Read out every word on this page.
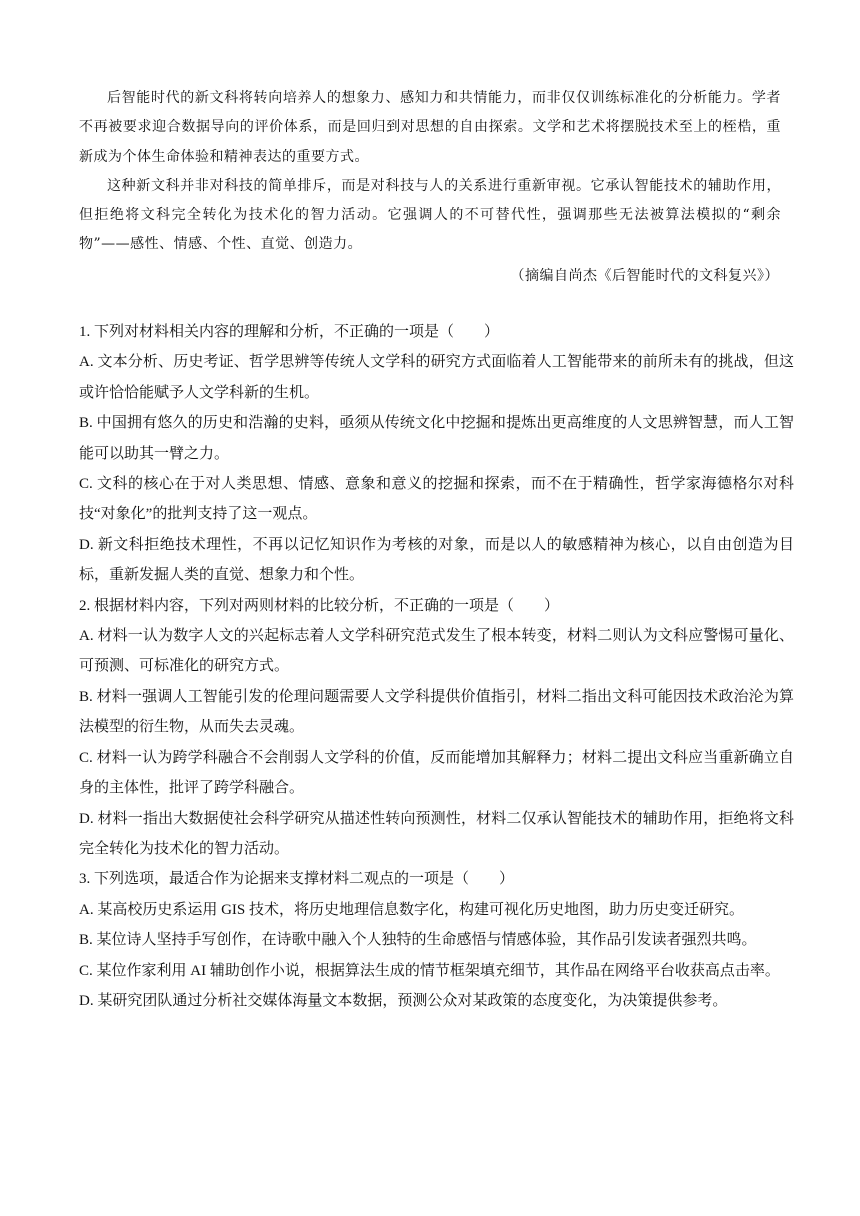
后智能时代的新文科将转向培养人的想象力、感知力和共情能力，而非仅仅训练标准化的分析能力。学者不再被要求迎合数据导向的评价体系，而是回归到对思想的自由探索。文学和艺术将摆脱技术至上的桎梏，重新成为个体生命体验和精神表达的重要方式。

这种新文科并非对科技的简单排斥，而是对科技与人的关系进行重新审视。它承认智能技术的辅助作用，但拒绝将文科完全转化为技术化的智力活动。它强调人的不可替代性，强调那些无法被算法模拟的“剩余物”——感性、情感、个性、直觉、创造力。

（摘编自尚杰《后智能时代的文科复兴》）

1. 下列对材料相关内容的理解和分析，不正确的一项是（　　）

A. 文本分析、历史考证、哲学思辨等传统人文学科的研究方式面临着人工智能带来的前所未有的挑战，但这或许恰恰能赋予人文学科新的生机。

B. 中国拥有悠久的历史和浩瀚的史料，亟须从传统文化中挖掘和提炼出更高维度的人文思辨智慧，而人工智能可以助其一臂之力。

C. 文科的核心在于对人类思想、情感、意象和意义的挖掘和探索，而不在于精确性，哲学家海德格尔对科技“对象化”的批判支持了这一观点。

D. 新文科拒绝技术理性，不再以记忆知识作为考核的对象，而是以人的敏感精神为核心，以自由创造为目标，重新发掘人类的直觉、想象力和个性。

2. 根据材料内容，下列对两则材料的比较分析，不正确的一项是（　　）

A. 材料一认为数字人文的兴起标志着人文学科研究范式发生了根本转变，材料二则认为文科应警惕可量化、可预测、可标准化的研究方式。

B. 材料一强调人工智能引发的伦理问题需要人文学科提供价值指引，材料二指出文科可能因技术政治沦为算法模型的衍生物，从而失去灵魂。

C. 材料一认为跨学科融合不会削弱人文学科的价值，反而能增加其解释力；材料二提出文科应当重新确立自身的主体性，批评了跨学科融合。

D. 材料一指出大数据使社会科学研究从描述性转向预测性，材料二仅承认智能技术的辅助作用，拒绝将文科完全转化为技术化的智力活动。

3. 下列选项，最适合作为论据来支撑材料二观点的一项是（　　）

A. 某高校历史系运用 GIS 技术，将历史地理信息数字化，构建可视化历史地图，助力历史变迁研究。

B. 某位诗人坚持手写创作，在诗歌中融入个人独特的生命感悟与情感体验，其作品引发读者强烈共鸣。

C. 某位作家利用 AI 辅助创作小说，根据算法生成的情节框架填充细节，其作品在网络平台收获高点击率。

D. 某研究团队通过分析社交媒体海量文本数据，预测公众对某政策的态度变化，为决策提供参考。
